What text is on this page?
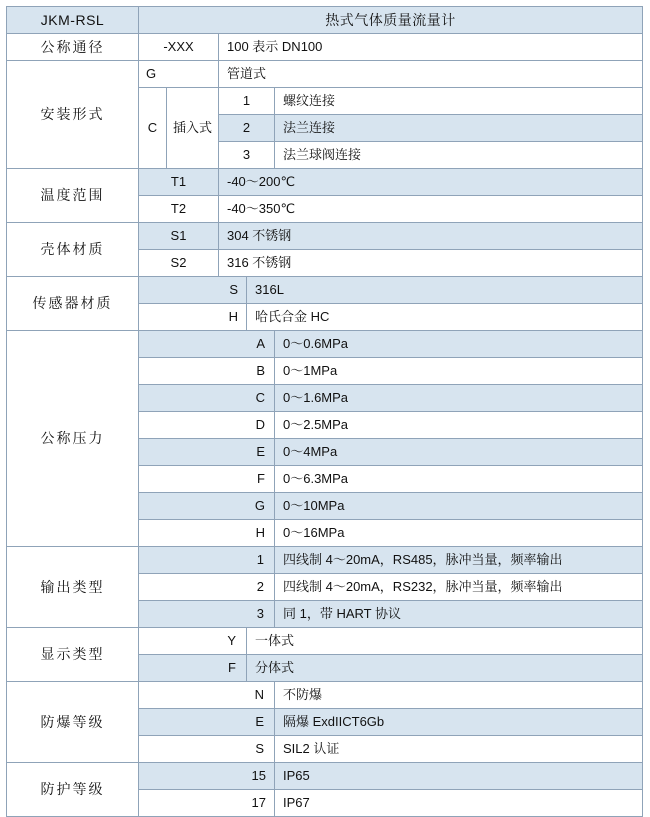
JKM-RSL	热式气体质量流量计				

公称通径	-XXX		100 表示 DN100		

安装形式	G		管道式		

C	插入式	1		螺纹连接

2		法兰连接

3		法兰球阀连接

温度范围	T1		-40～200℃		

T2		-40～350℃		

壳体材质	S1		304 不锈钢		

S2		316 不锈钢		

传感器材质	S			316L	

H			哈氏合金 HC	

公称压力	A				0～0.6MPa

B				0～1MPa

C				0～1.6MPa

D				0～2.5MPa

E				0～4MPa

F				0～6.3MPa

G				0～10MPa

H				0～16MPa

输出类型	1				四线制 4～20mA，RS485，脉冲当量，频率输出

2				四线制 4～20mA，RS232，脉冲当量，频率输出

3				同 1，带 HART 协议

显示类型	Y			一体式	

F			分体式	

防爆等级	N				不防爆

E				隔爆 ExdIICT6Gb

S				SIL2 认证

防护等级	15				IP65

17				IP67
